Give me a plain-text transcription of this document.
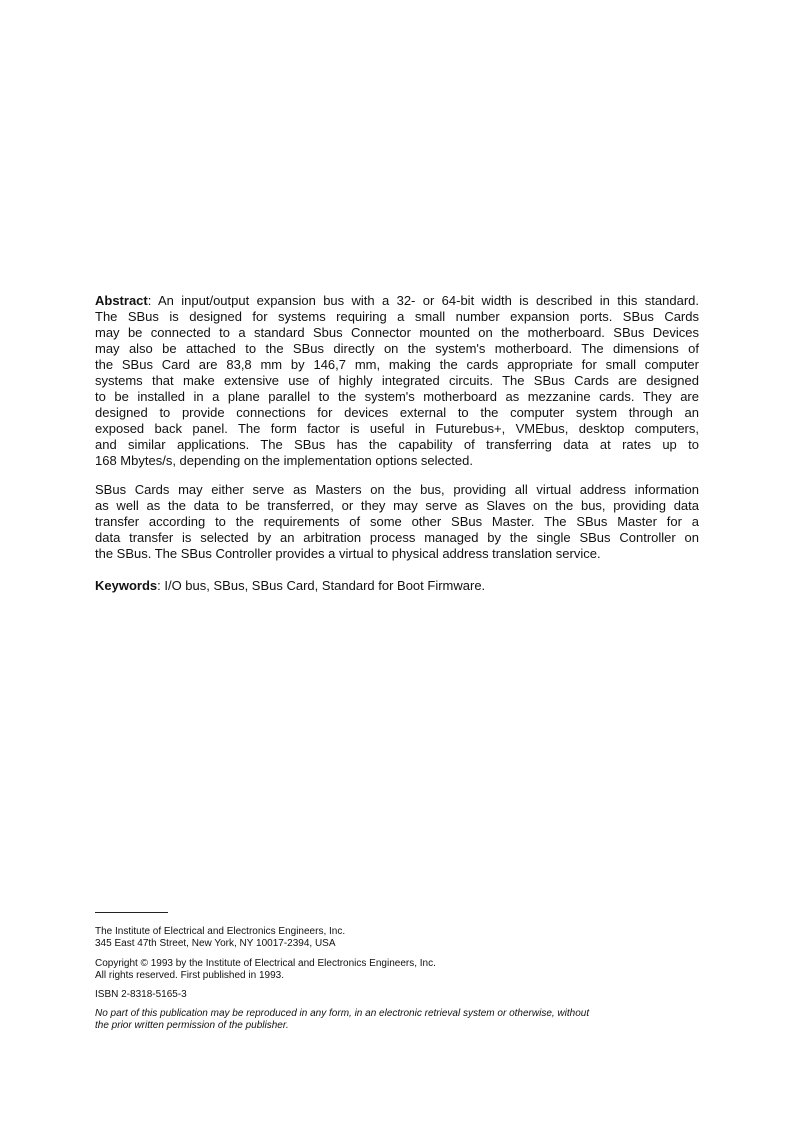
Abstract: An input/output expansion bus with a 32- or 64-bit width is described in this standard.
The SBus is designed for systems requiring a small number expansion ports. SBus Cards
may be connected to a standard Sbus Connector mounted on the motherboard. SBus Devices
may also be attached to the SBus directly on the system's motherboard. The dimensions of
the SBus Card are 83,8 mm by 146,7 mm, making the cards appropriate for small computer
systems that make extensive use of highly integrated circuits. The SBus Cards are designed
to be installed in a plane parallel to the system's motherboard as mezzanine cards. They are
designed to provide connections for devices external to the computer system through an
exposed back panel. The form factor is useful in Futurebus+, VMEbus, desktop computers,
and similar applications. The SBus has the capability of transferring data at rates up to
168 Mbytes/s, depending on the implementation options selected.
SBus Cards may either serve as Masters on the bus, providing all virtual address information
as well as the data to be transferred, or they may serve as Slaves on the bus, providing data
transfer according to the requirements of some other SBus Master. The SBus Master for a
data transfer is selected by an arbitration process managed by the single SBus Controller on
the SBus. The SBus Controller provides a virtual to physical address translation service.
Keywords: I/O bus, SBus, SBus Card, Standard for Boot Firmware.
The Institute of Electrical and Electronics Engineers, Inc.
345 East 47th Street, New York, NY 10017-2394, USA
Copyright © 1993 by the Institute of Electrical and Electronics Engineers, Inc.
All rights reserved. First published in 1993.
ISBN 2-8318-5165-3
No part of this publication may be reproduced in any form, in an electronic retrieval system or otherwise, without
the prior written permission of the publisher.
